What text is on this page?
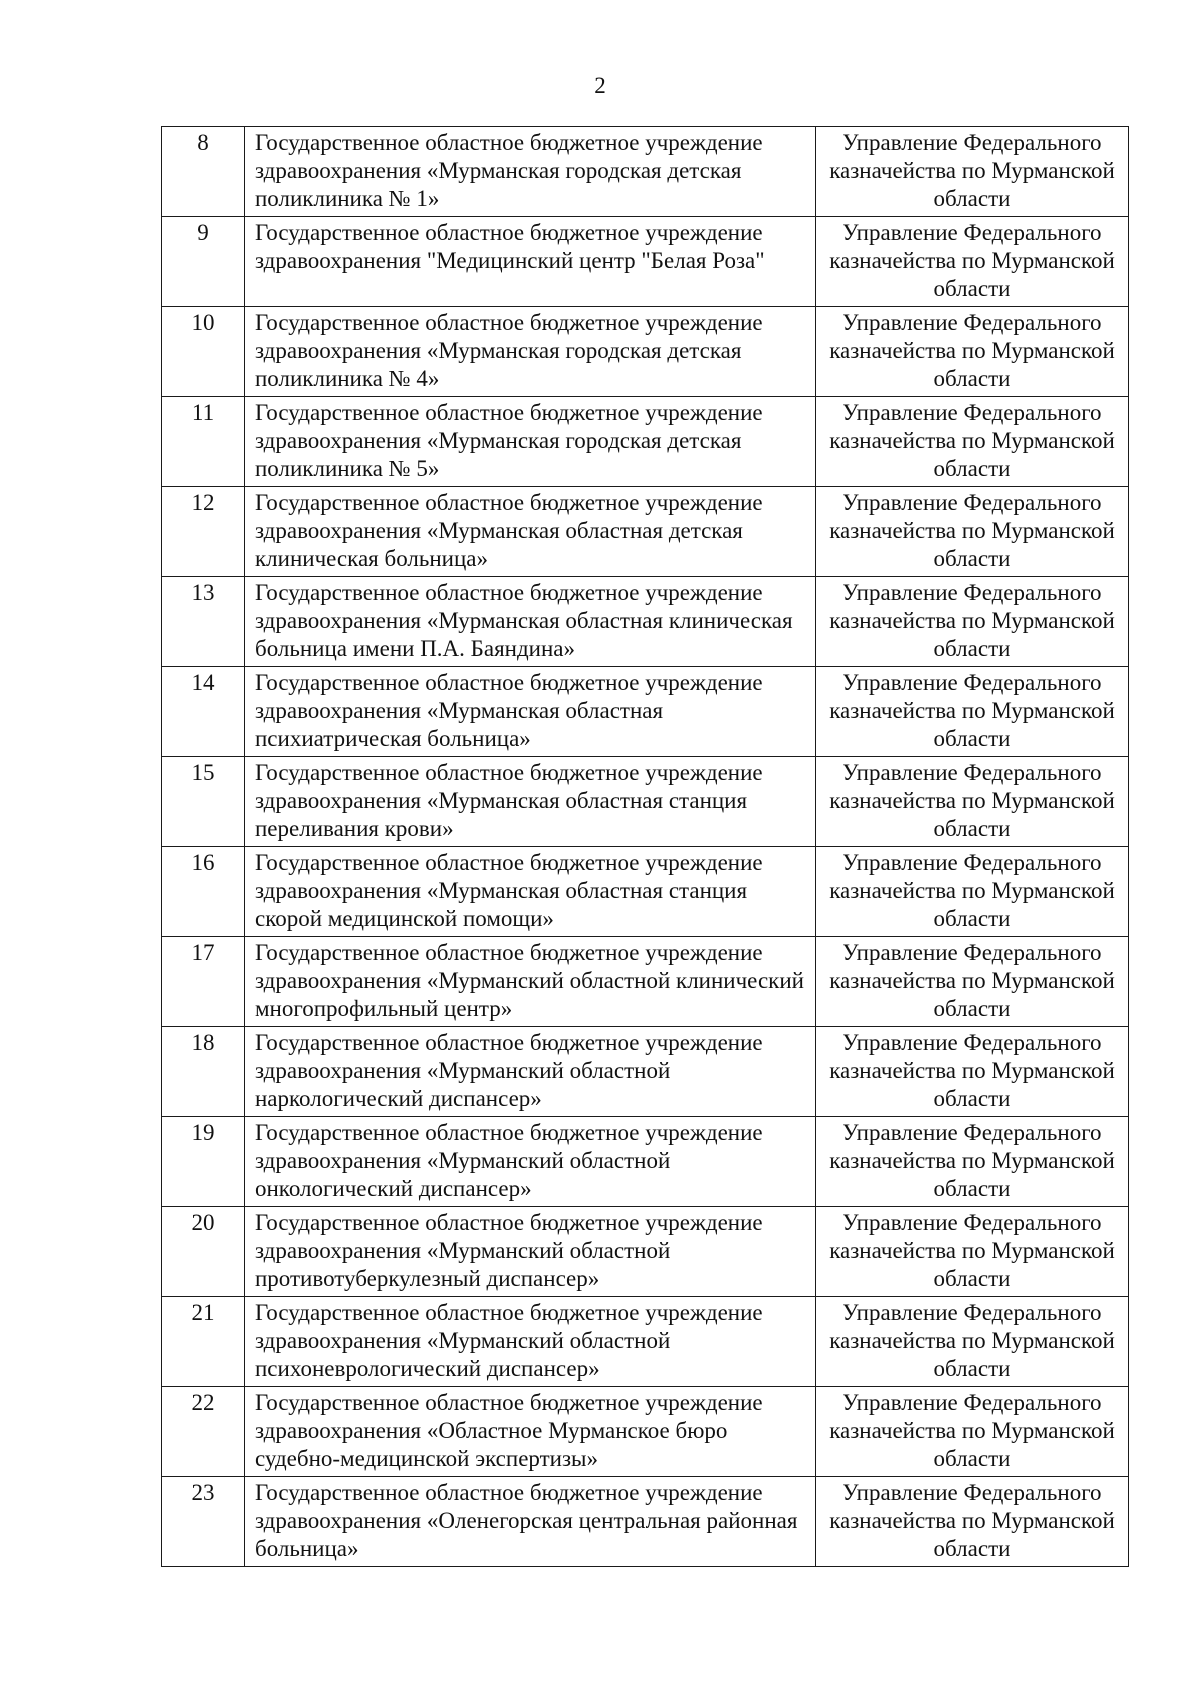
2
8	Государственное областное бюджетное учреждение здравоохранения «Мурманская городская детская поликлиника № 1»	Управление Федерального казначейства по Мурманской области
9	Государственное областное бюджетное учреждение здравоохранения "Медицинский центр "Белая Роза"	Управление Федерального казначейства по Мурманской области
10	Государственное областное бюджетное учреждение здравоохранения «Мурманская городская детская поликлиника № 4»	Управление Федерального казначейства по Мурманской области
11	Государственное областное бюджетное учреждение здравоохранения «Мурманская городская детская поликлиника № 5»	Управление Федерального казначейства по Мурманской области
12	Государственное областное бюджетное учреждение здравоохранения «Мурманская областная детская клиническая больница»	Управление Федерального казначейства по Мурманской области
13	Государственное областное бюджетное учреждение здравоохранения «Мурманская областная клиническая больница имени П.А. Баяндина»	Управление Федерального казначейства по Мурманской области
14	Государственное областное бюджетное учреждение здравоохранения «Мурманская областная психиатрическая больница»	Управление Федерального казначейства по Мурманской области
15	Государственное областное бюджетное учреждение здравоохранения «Мурманская областная станция переливания крови»	Управление Федерального казначейства по Мурманской области
16	Государственное областное бюджетное учреждение здравоохранения «Мурманская областная станция скорой медицинской помощи»	Управление Федерального казначейства по Мурманской области
17	Государственное областное бюджетное учреждение здравоохранения «Мурманский областной клинический многопрофильный центр»	Управление Федерального казначейства по Мурманской области
18	Государственное областное бюджетное учреждение здравоохранения «Мурманский областной наркологический диспансер»	Управление Федерального казначейства по Мурманской области
19	Государственное областное бюджетное учреждение здравоохранения «Мурманский областной онкологический диспансер»	Управление Федерального казначейства по Мурманской области
20	Государственное областное бюджетное учреждение здравоохранения «Мурманский областной противотуберкулезный диспансер»	Управление Федерального казначейства по Мурманской области
21	Государственное областное бюджетное учреждение здравоохранения «Мурманский областной психоневрологический диспансер»	Управление Федерального казначейства по Мурманской области
22	Государственное областное бюджетное учреждение здравоохранения «Областное Мурманское бюро судебно-медицинской экспертизы»	Управление Федерального казначейства по Мурманской области
23	Государственное областное бюджетное учреждение здравоохранения «Оленегорская центральная районная больница»	Управление Федерального казначейства по Мурманской области
